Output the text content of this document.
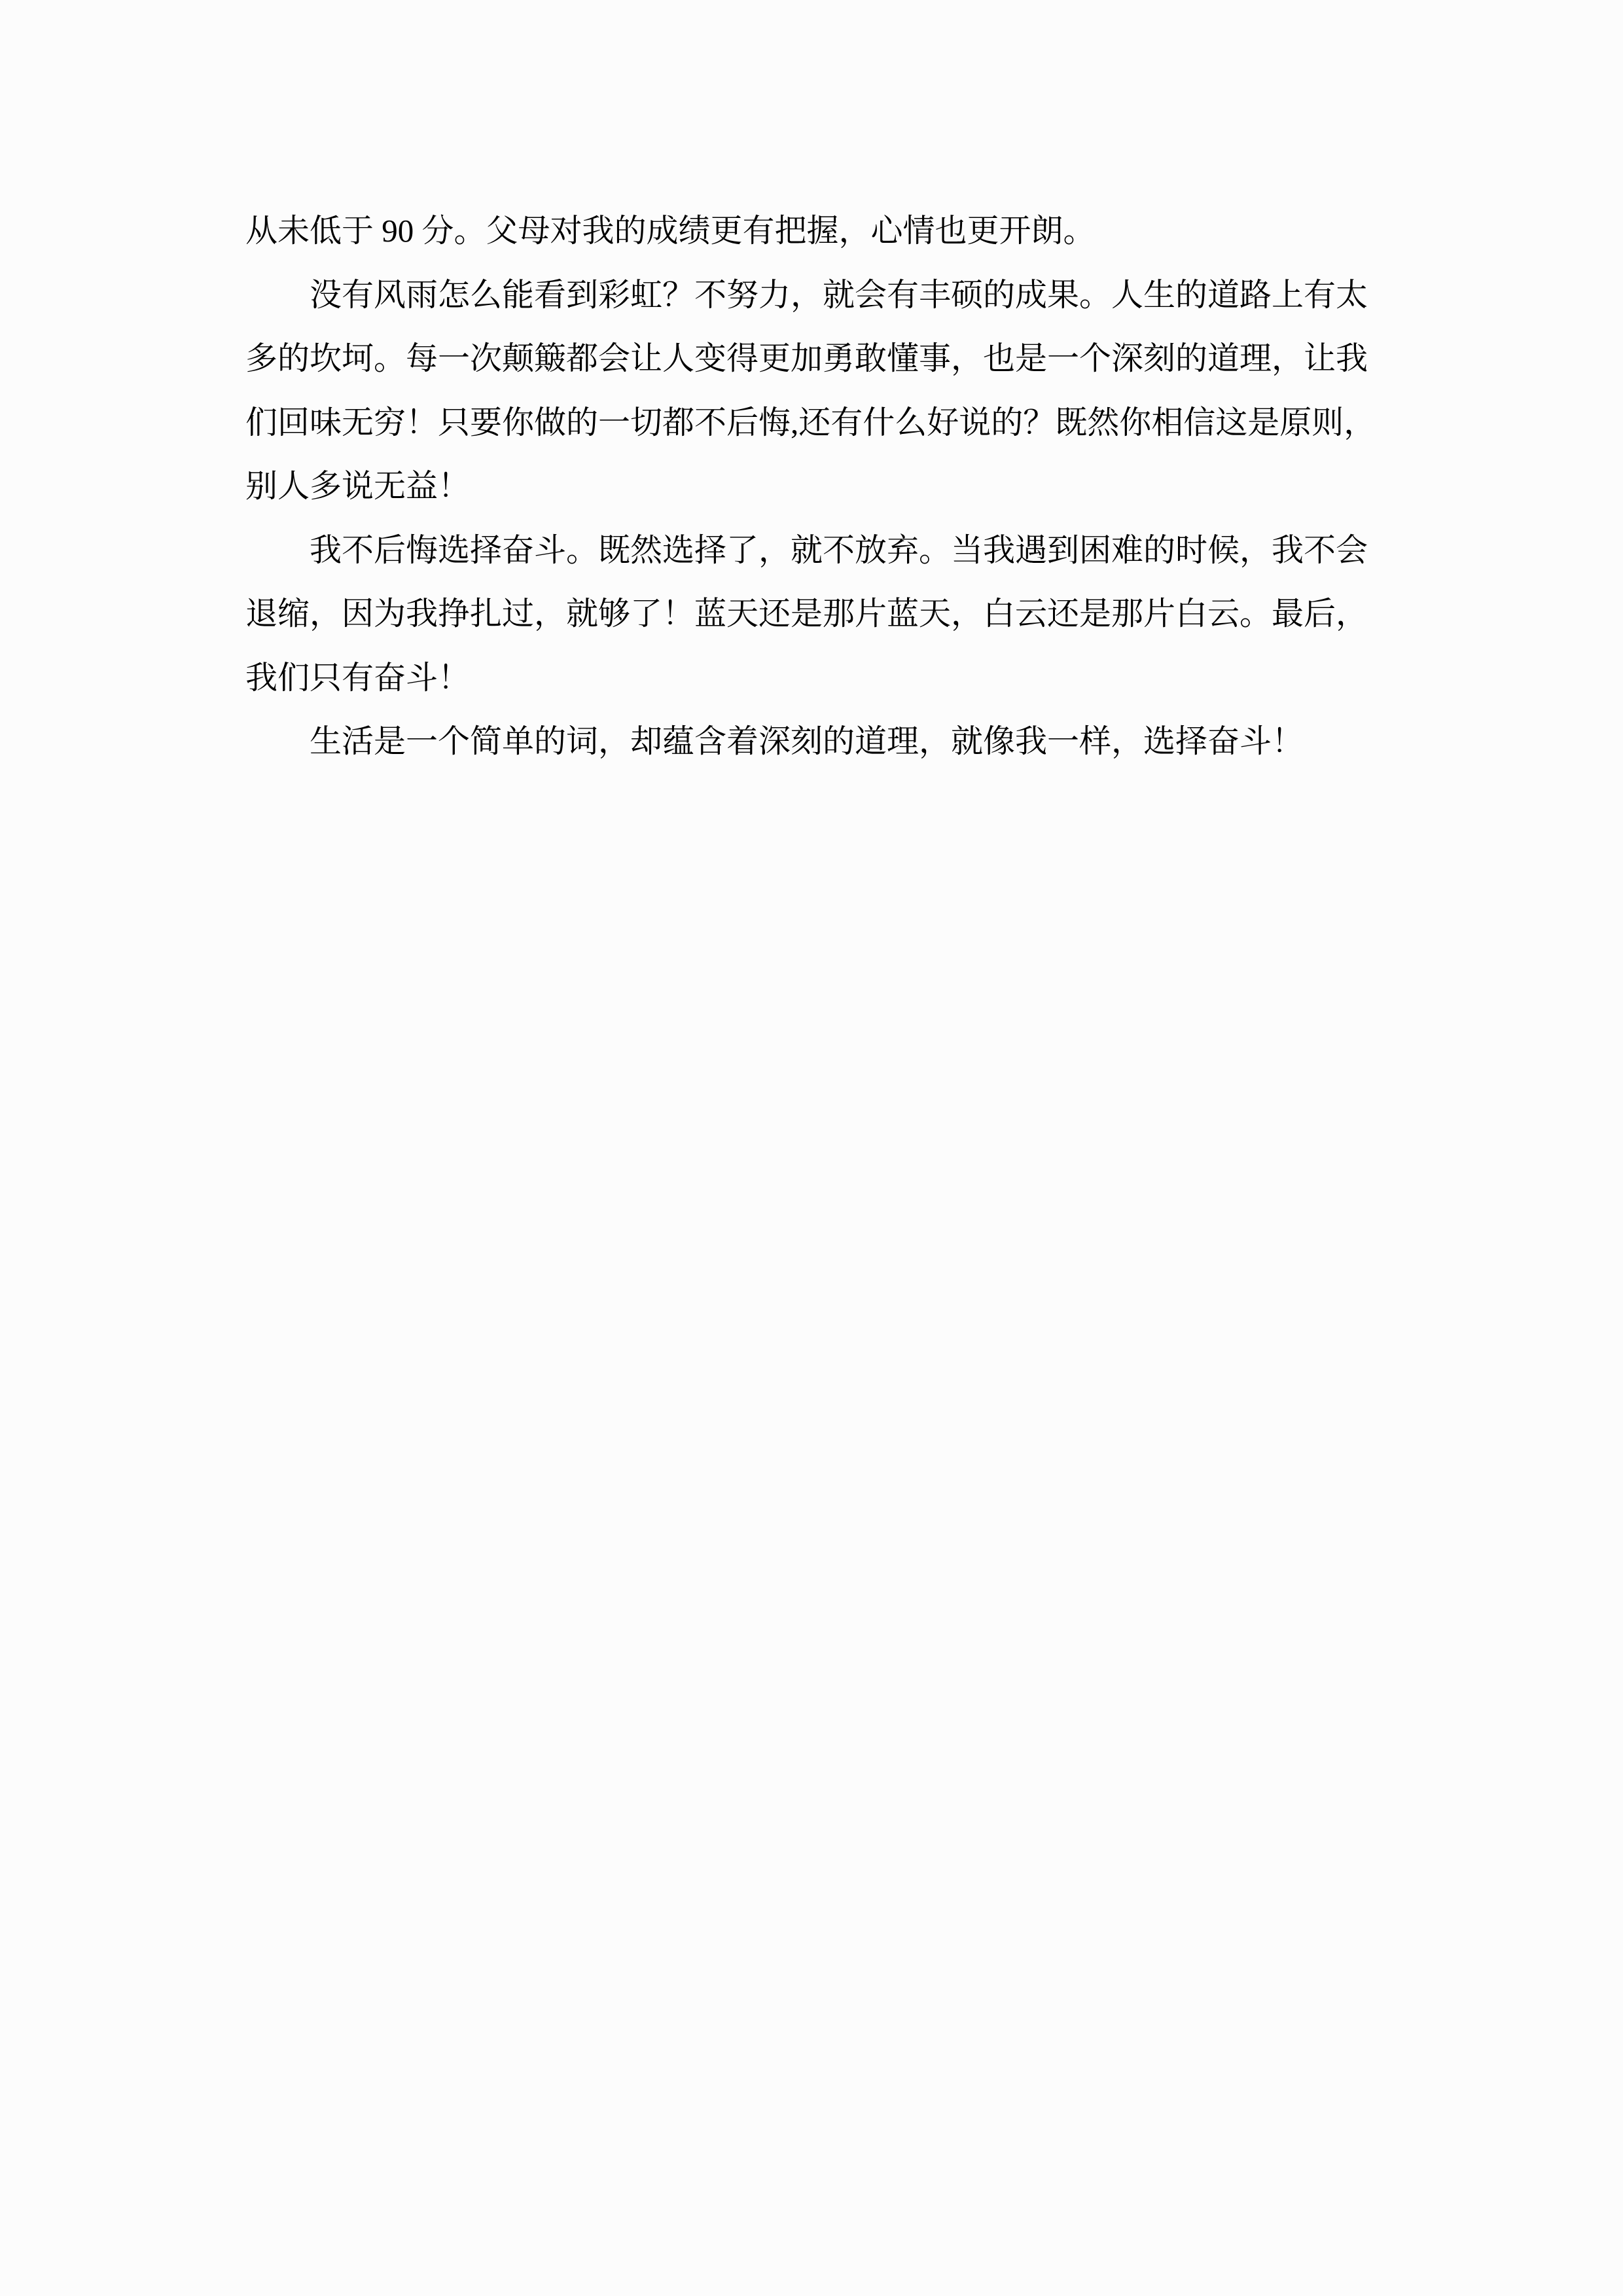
从未低于 90 分。父母对我的成绩更有把握，心情也更开朗。
没有风雨怎么能看到彩虹？不努力，就会有丰硕的成果。人生的道路上有太
多的坎坷。每一次颠簸都会让人变得更加勇敢懂事，也是一个深刻的道理，让我
们回味无穷！只要你做的一切都不后悔,还有什么好说的？既然你相信这是原则，
别人多说无益！
我不后悔选择奋斗。既然选择了，就不放弃。当我遇到困难的时候，我不会
退缩，因为我挣扎过，就够了！蓝天还是那片蓝天，白云还是那片白云。最后，
我们只有奋斗！
生活是一个简单的词，却蕴含着深刻的道理，就像我一样，选择奋斗！
